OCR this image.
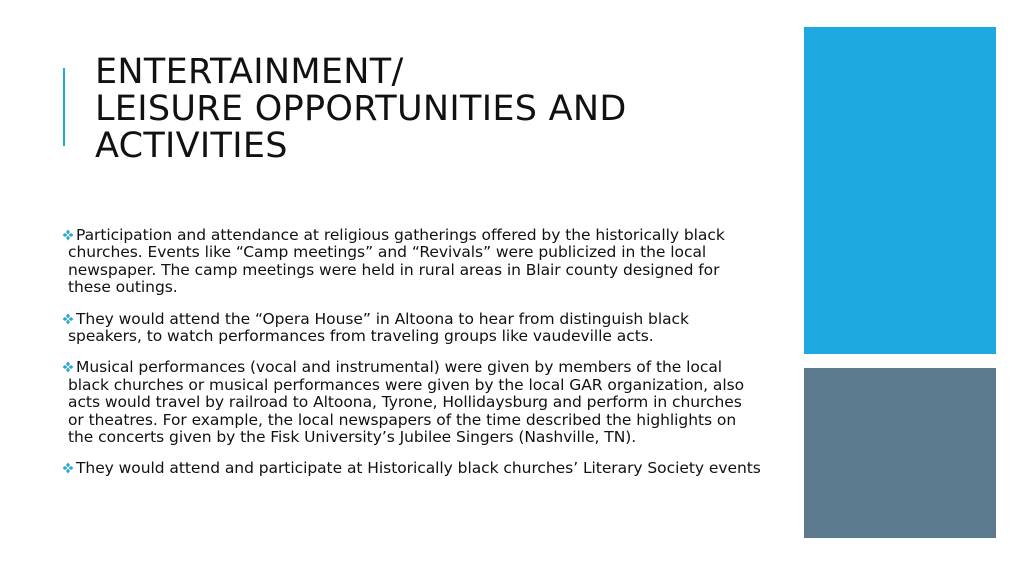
ENTERTAINMENT/
LEISURE OPPORTUNITIES AND
ACTIVITIES
Participation and attendance at religious gatherings offered by the historically black churches. Events like “Camp meetings” and “Revivals” were publicized in the local newspaper. The camp meetings were held in rural areas in Blair county designed for these outings.
They would attend the “Opera House” in Altoona to hear from distinguish black speakers, to watch performances from traveling groups like vaudeville acts.
Musical performances (vocal and instrumental) were given by members of the local black churches or musical performances were given by the local GAR organization, also acts would travel by railroad to Altoona, Tyrone, Hollidaysburg and perform in churches or theatres. For example, the local newspapers of the time described the highlights on the concerts given by the Fisk University’s Jubilee Singers (Nashville, TN).
They would attend and participate at Historically black churches’ Literary Society events
